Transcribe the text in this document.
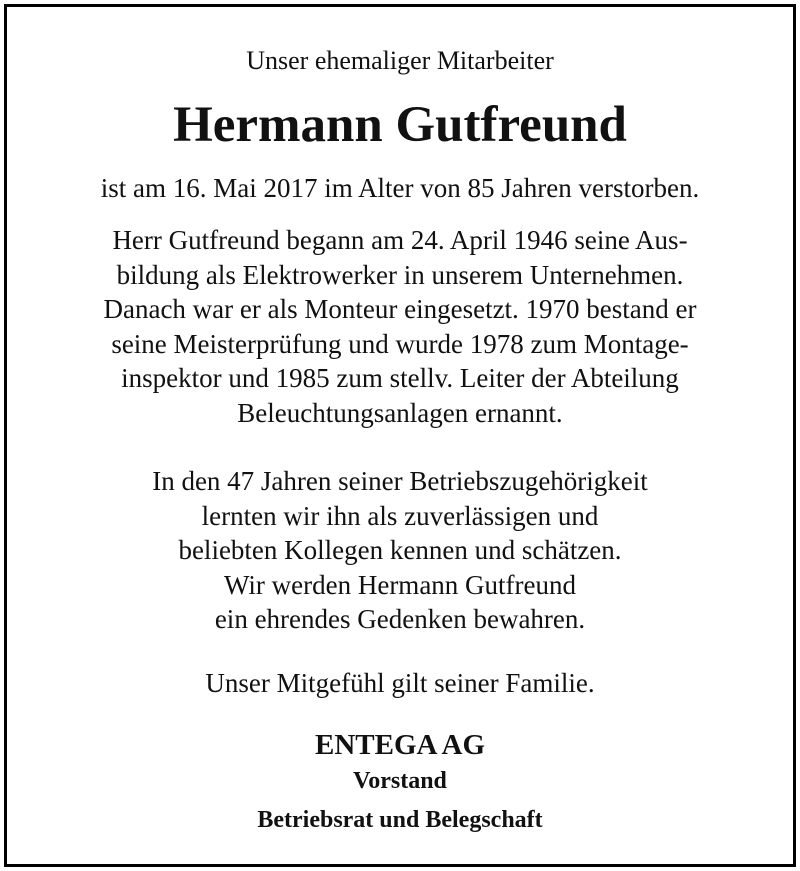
Unser ehemaliger Mitarbeiter
Hermann Gutfreund
ist am 16. Mai 2017 im Alter von 85 Jahren verstorben.
Herr Gutfreund begann am 24. April 1946 seine Aus-
bildung als Elektrowerker in unserem Unternehmen.
Danach war er als Monteur eingesetzt. 1970 bestand er
seine Meisterprüfung und wurde 1978 zum Montage-
inspektor und 1985 zum stellv. Leiter der Abteilung
Beleuchtungsanlagen ernannt.
In den 47 Jahren seiner Betriebszugehörigkeit
lernten wir ihn als zuverlässigen und
beliebten Kollegen kennen und schätzen.
Wir werden Hermann Gutfreund
ein ehrendes Gedenken bewahren.
Unser Mitgefühl gilt seiner Familie.
ENTEGA AG
Vorstand
Betriebsrat und Belegschaft
